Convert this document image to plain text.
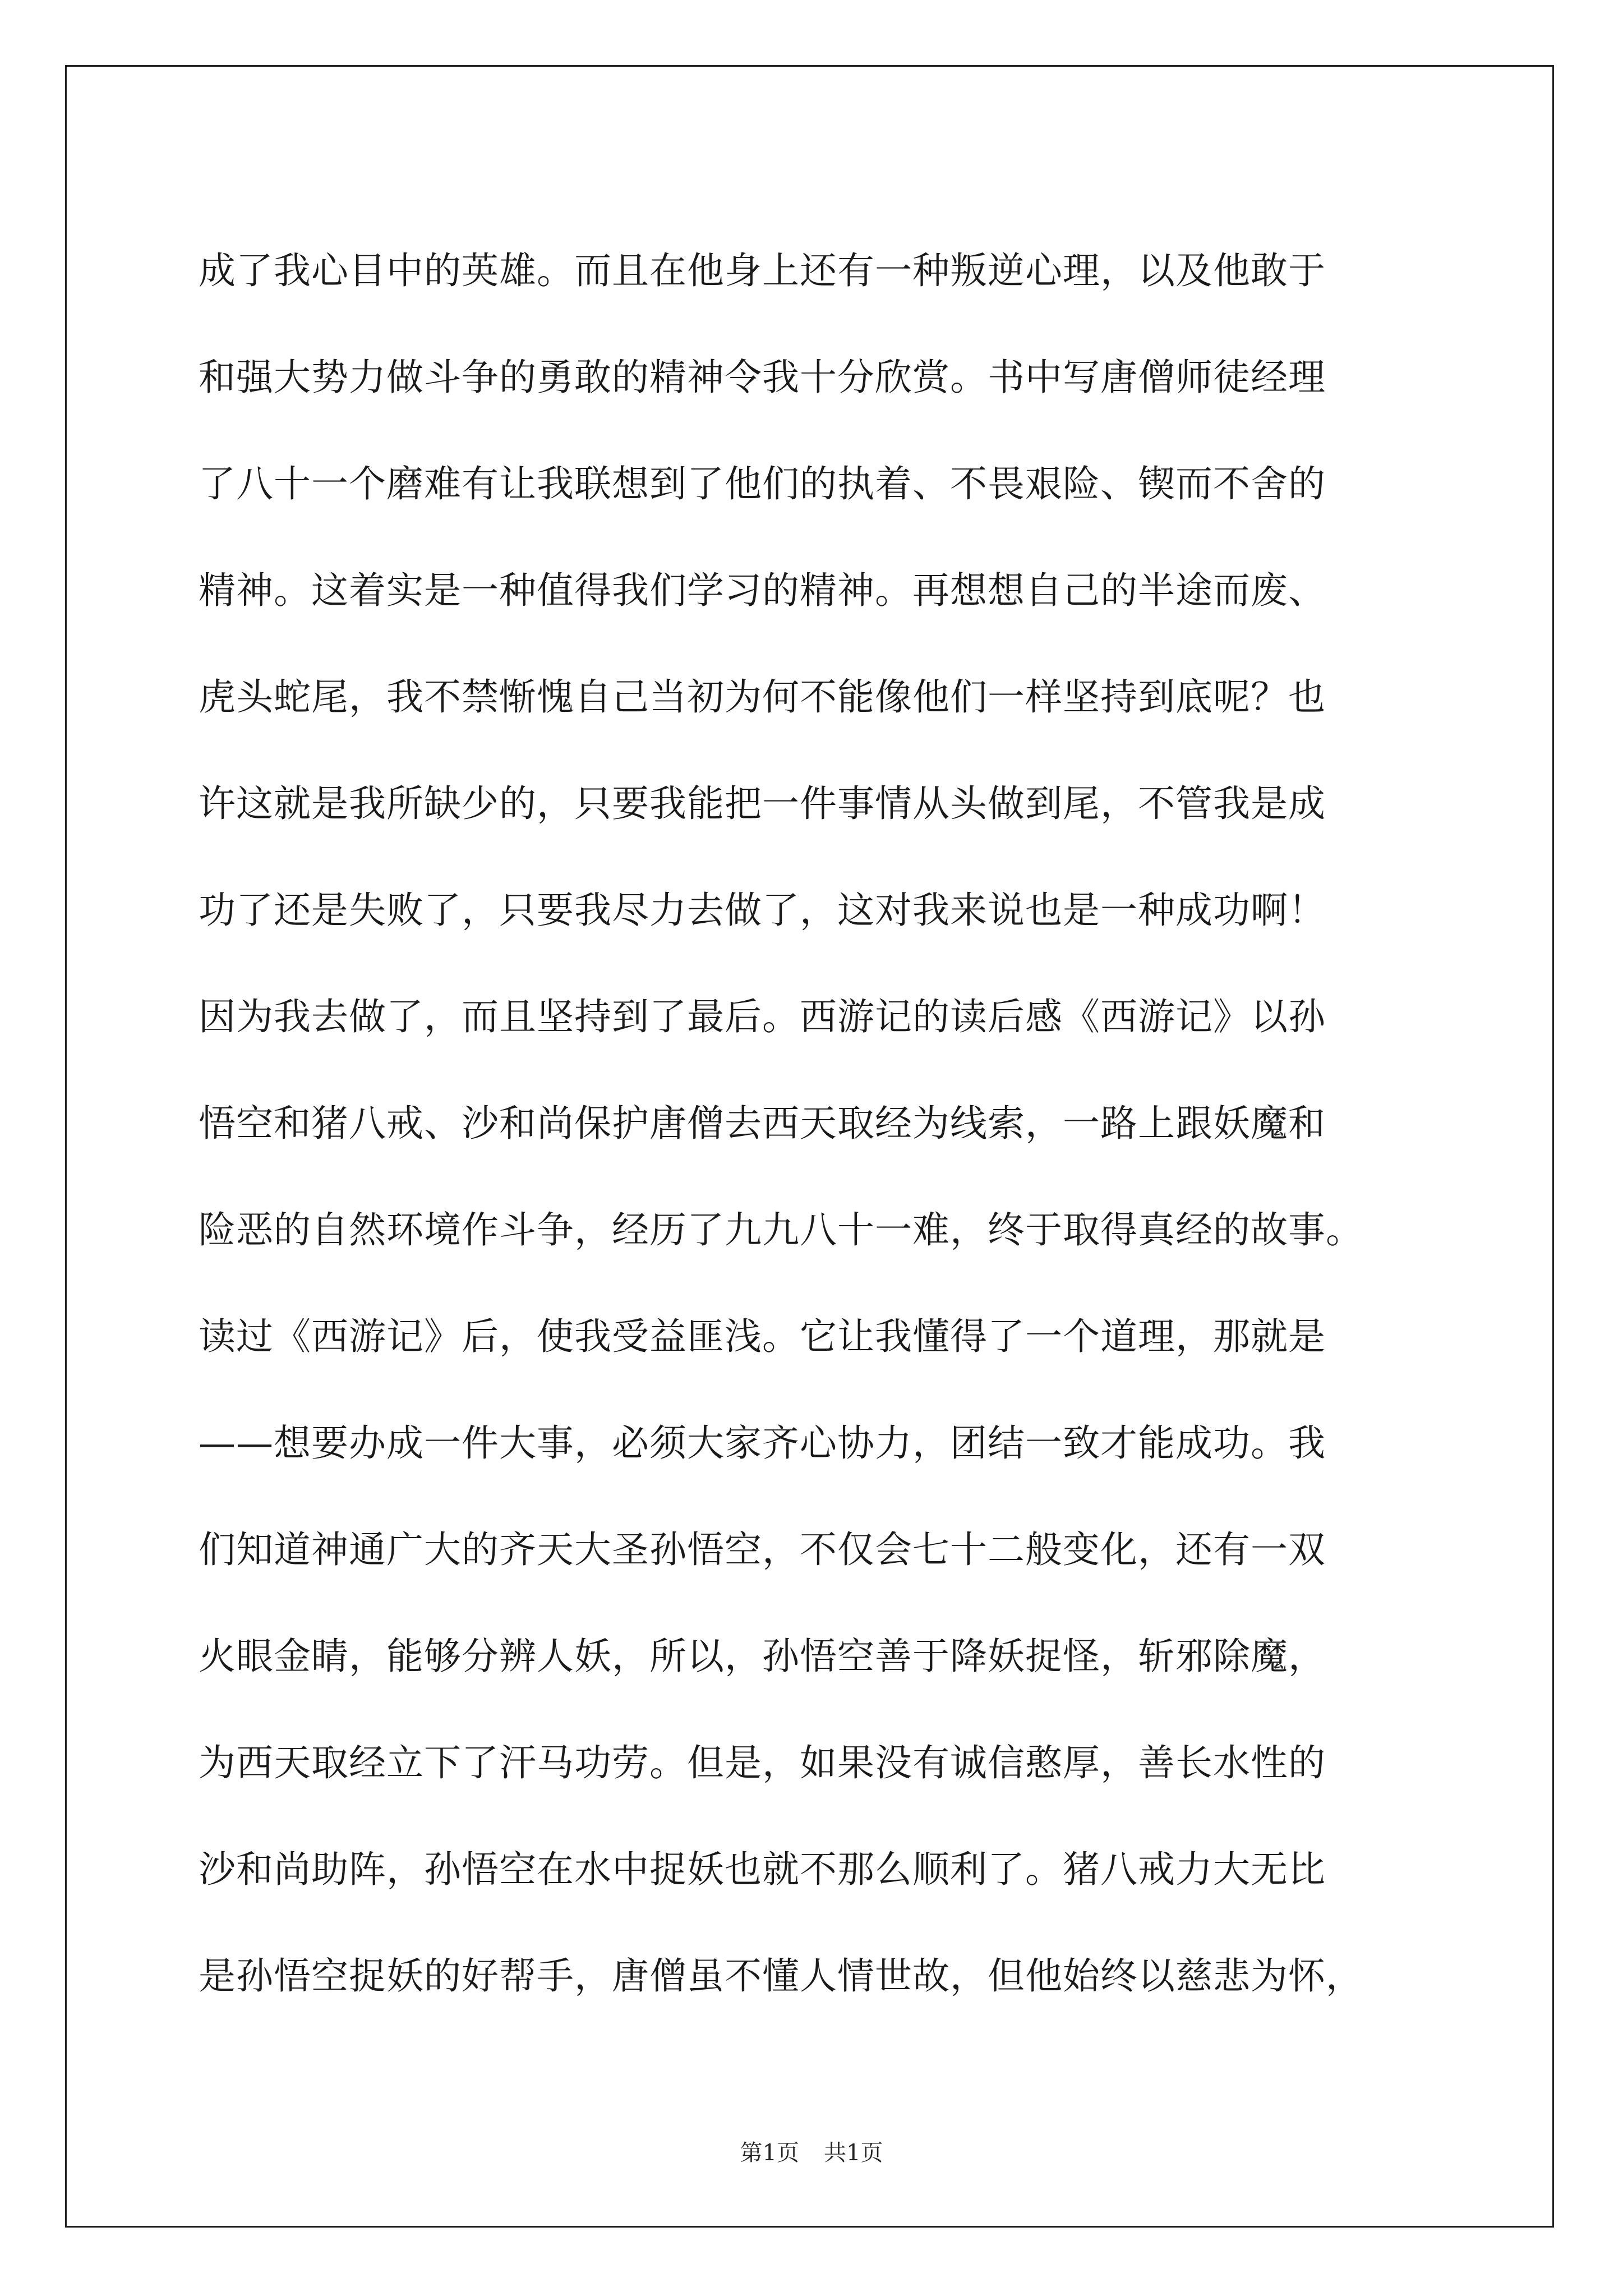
成了我心目中的英雄。而且在他身上还有一种叛逆心理，以及他敢于
和强大势力做斗争的勇敢的精神令我十分欣赏。书中写唐僧师徒经理
了八十一个磨难有让我联想到了他们的执着、不畏艰险、锲而不舍的
精神。这着实是一种值得我们学习的精神。再想想自己的半途而废、
虎头蛇尾，我不禁惭愧自己当初为何不能像他们一样坚持到底呢？也
许这就是我所缺少的，只要我能把一件事情从头做到尾，不管我是成
功了还是失败了，只要我尽力去做了，这对我来说也是一种成功啊！
因为我去做了，而且坚持到了最后。西游记的读后感《西游记》以孙
悟空和猪八戒、沙和尚保护唐僧去西天取经为线索，一路上跟妖魔和
险恶的自然环境作斗争，经历了九九八十一难，终于取得真经的故事。
读过《西游记》后，使我受益匪浅。它让我懂得了一个道理，那就是
——想要办成一件大事，必须大家齐心协力，团结一致才能成功。我
们知道神通广大的齐天大圣孙悟空，不仅会七十二般变化，还有一双
火眼金睛，能够分辨人妖，所以，孙悟空善于降妖捉怪，斩邪除魔，
为西天取经立下了汗马功劳。但是，如果没有诚信憨厚，善长水性的
沙和尚助阵，孙悟空在水中捉妖也就不那么顺利了。猪八戒力大无比
是孙悟空捉妖的好帮手，唐僧虽不懂人情世故，但他始终以慈悲为怀，
第1页 共1页
